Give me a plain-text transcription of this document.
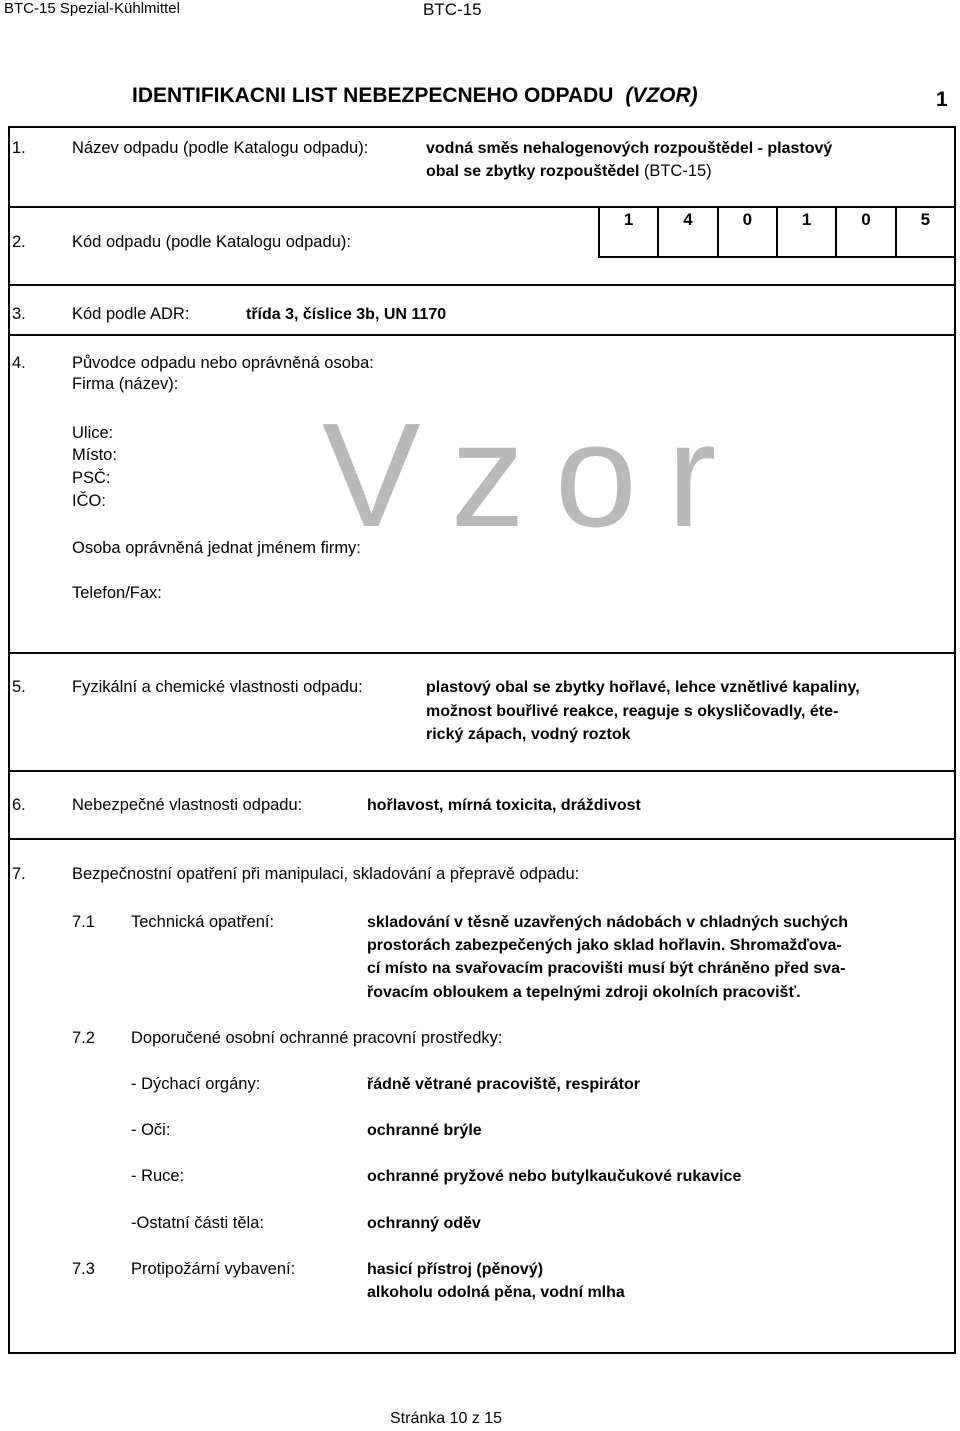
BTC-15 Spezial-Kühlmittel	BTC-15
IDENTIFIKACNI LIST NEBEZPECNEHO ODPADU (VZOR)	1
1.	Název odpadu (podle Katalogu odpadu):	vodná směs nehalogenových rozpouštědel - plastový
obal se zbytky rozpouštědel (BTC-15)
2.	Kód odpadu (podle Katalogu odpadu):
1	4	0	1	0	5
3.	Kód podle ADR:	třída 3, číslice 3b, UN 1170
Vzor
4.	Původce odpadu nebo oprávněná osoba:
Firma (název):
Ulice:
Místo:
PSČ:
IČO:
Osoba oprávněná jednat jménem firmy:
Telefon/Fax:
5.	Fyzikální a chemické vlastnosti odpadu:	plastový obal se zbytky hořlavé, lehce vznětlivé kapaliny,
možnost bouřlivé reakce, reaguje s okysličovadly, éte-
rický zápach, vodný roztok
6.	Nebezpečné vlastnosti odpadu:	hořlavost, mírná toxicita, dráždivost
7.	Bezpečnostní opatření při manipulaci, skladování a přepravě odpadu:
7.1 Technická opatření:	skladování v těsně uzavřených nádobách v chladných suchých
prostorách zabezpečených jako sklad hořlavin. Shromažďova-
cí místo na svařovacím pracovišti musí být chráněno před sva-
řovacím obloukem a tepelnými zdroji okolních pracovišť.
7.2 Doporučené osobní ochranné pracovní prostředky:
- Dýchací orgány:	řádně větrané pracoviště, respirátor
- Oči:	ochranné brýle
- Ruce:	ochranné pryžové nebo butylkaučukové rukavice
-Ostatní části těla:	ochranný oděv
7.3 Protipožární vybavení:	hasicí přístroj (pěnový)
alkoholu odolná pěna, vodní mlha
Stránka 10 z 15
